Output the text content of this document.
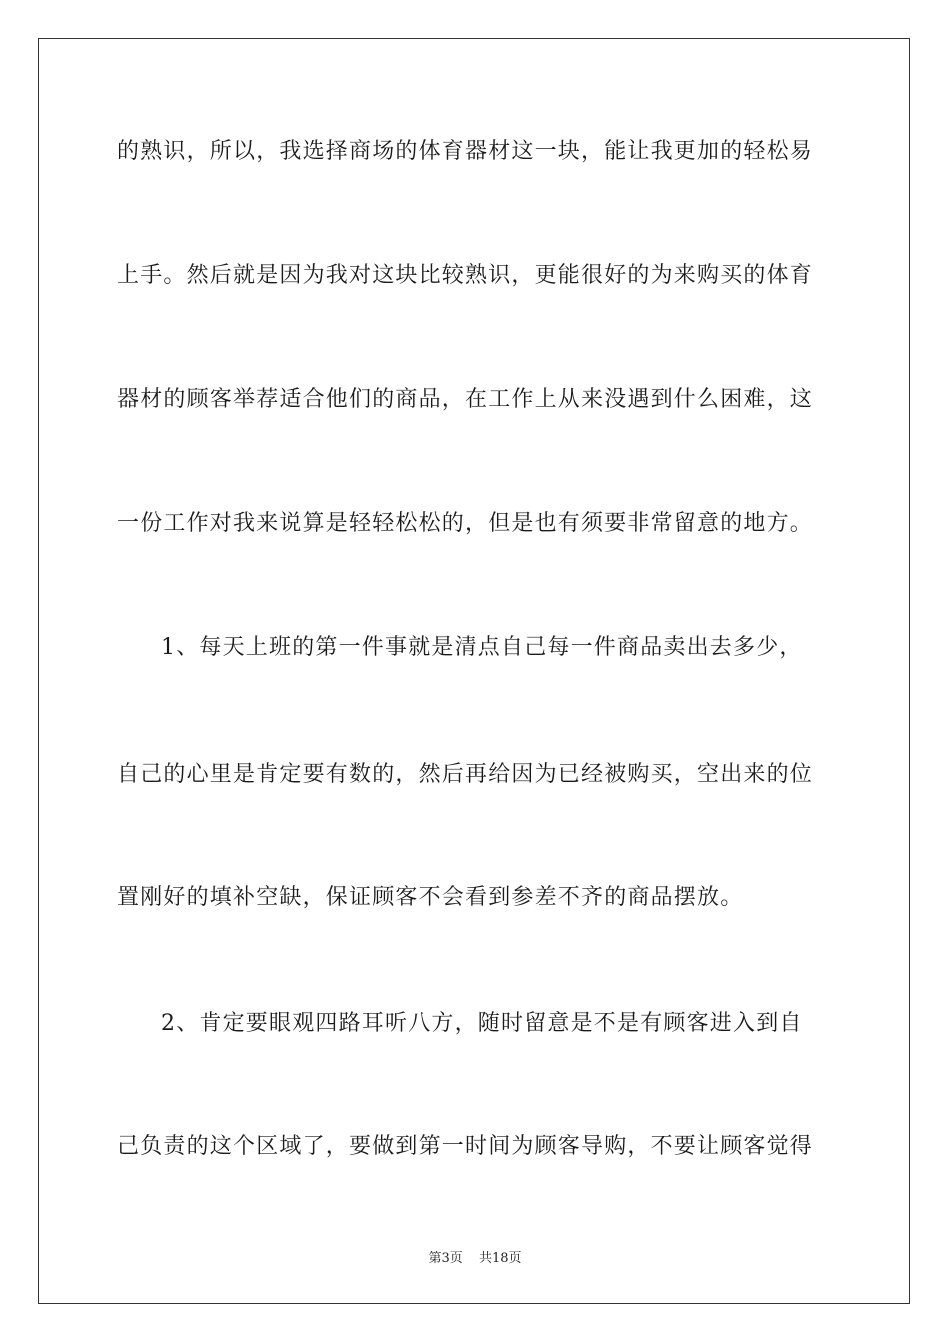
的熟识，所以，我选择商场的体育器材这一块，能让我更加的轻松易
上手。然后就是因为我对这块比较熟识，更能很好的为来购买的体育
器材的顾客举荐适合他们的商品，在工作上从来没遇到什么困难，这
一份工作对我来说算是轻轻松松的，但是也有须要非常留意的地方。
1、每天上班的第一件事就是清点自己每一件商品卖出去多少，
自己的心里是肯定要有数的，然后再给因为已经被购买，空出来的位
置刚好的填补空缺，保证顾客不会看到参差不齐的商品摆放。
2、肯定要眼观四路耳听八方，随时留意是不是有顾客进入到自
己负责的这个区域了，要做到第一时间为顾客导购，不要让顾客觉得
第3页 共18页
